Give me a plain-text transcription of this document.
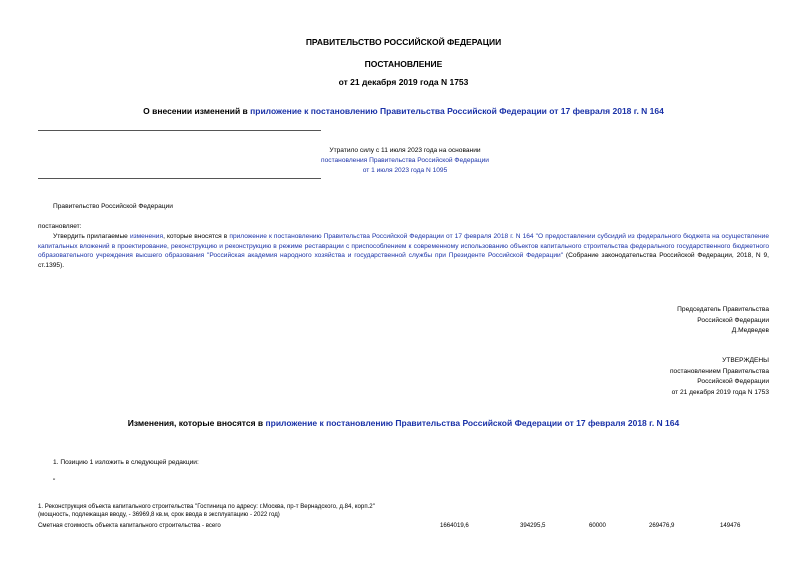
ПРАВИТЕЛЬСТВО РОССИЙСКОЙ ФЕДЕРАЦИИ
ПОСТАНОВЛЕНИЕ
от 21 декабря 2019 года N 1753
О внесении изменений в приложение к постановлению Правительства Российской Федерации от 17 февраля 2018 г. N 164
Утратило силу с 11 июля 2023 года на основании
постановления Правительства Российской Федерации
от 1 июля 2023 года N 1095
Правительство Российской Федерации
постановляет:
Утвердить прилагаемые изменения, которые вносятся в приложение к постановлению Правительства Российской Федерации от 17 февраля 2018 г. N 164 "О предоставлении субсидий из федерального бюджета на осуществление капитальных вложений в проектирование, реконструкцию и реконструкцию в режиме реставрации с приспособлением к современному использованию объектов капитального строительства федерального государственного бюджетного образовательного учреждения высшего образования "Российская академия народного хозяйства и государственной службы при Президенте Российской Федерации" (Собрание законодательства Российской Федерации, 2018, N 9, ст.1395).
Председатель Правительства
Российской Федерации
Д.Медведев
УТВЕРЖДЕНЫ
постановлением Правительства
Российской Федерации
от 21 декабря 2019 года N 1753
Изменения, которые вносятся в приложение к постановлению Правительства Российской Федерации от 17 февраля 2018 г. N 164
1. Позицию 1 изложить в следующей редакции:
"
1. Реконструкция объекта капитального строительства "Гостиница по адресу: г.Москва, пр-т Вернадского, д.84, корп.2"
(мощность, подлежащая вводу, - 36969,8 кв.м, срок ввода в эксплуатацию - 2022 год)
Сметная стоимость объекта капитального строительства - всего	1664019,6	394295,5	60000	269476,9	149476
